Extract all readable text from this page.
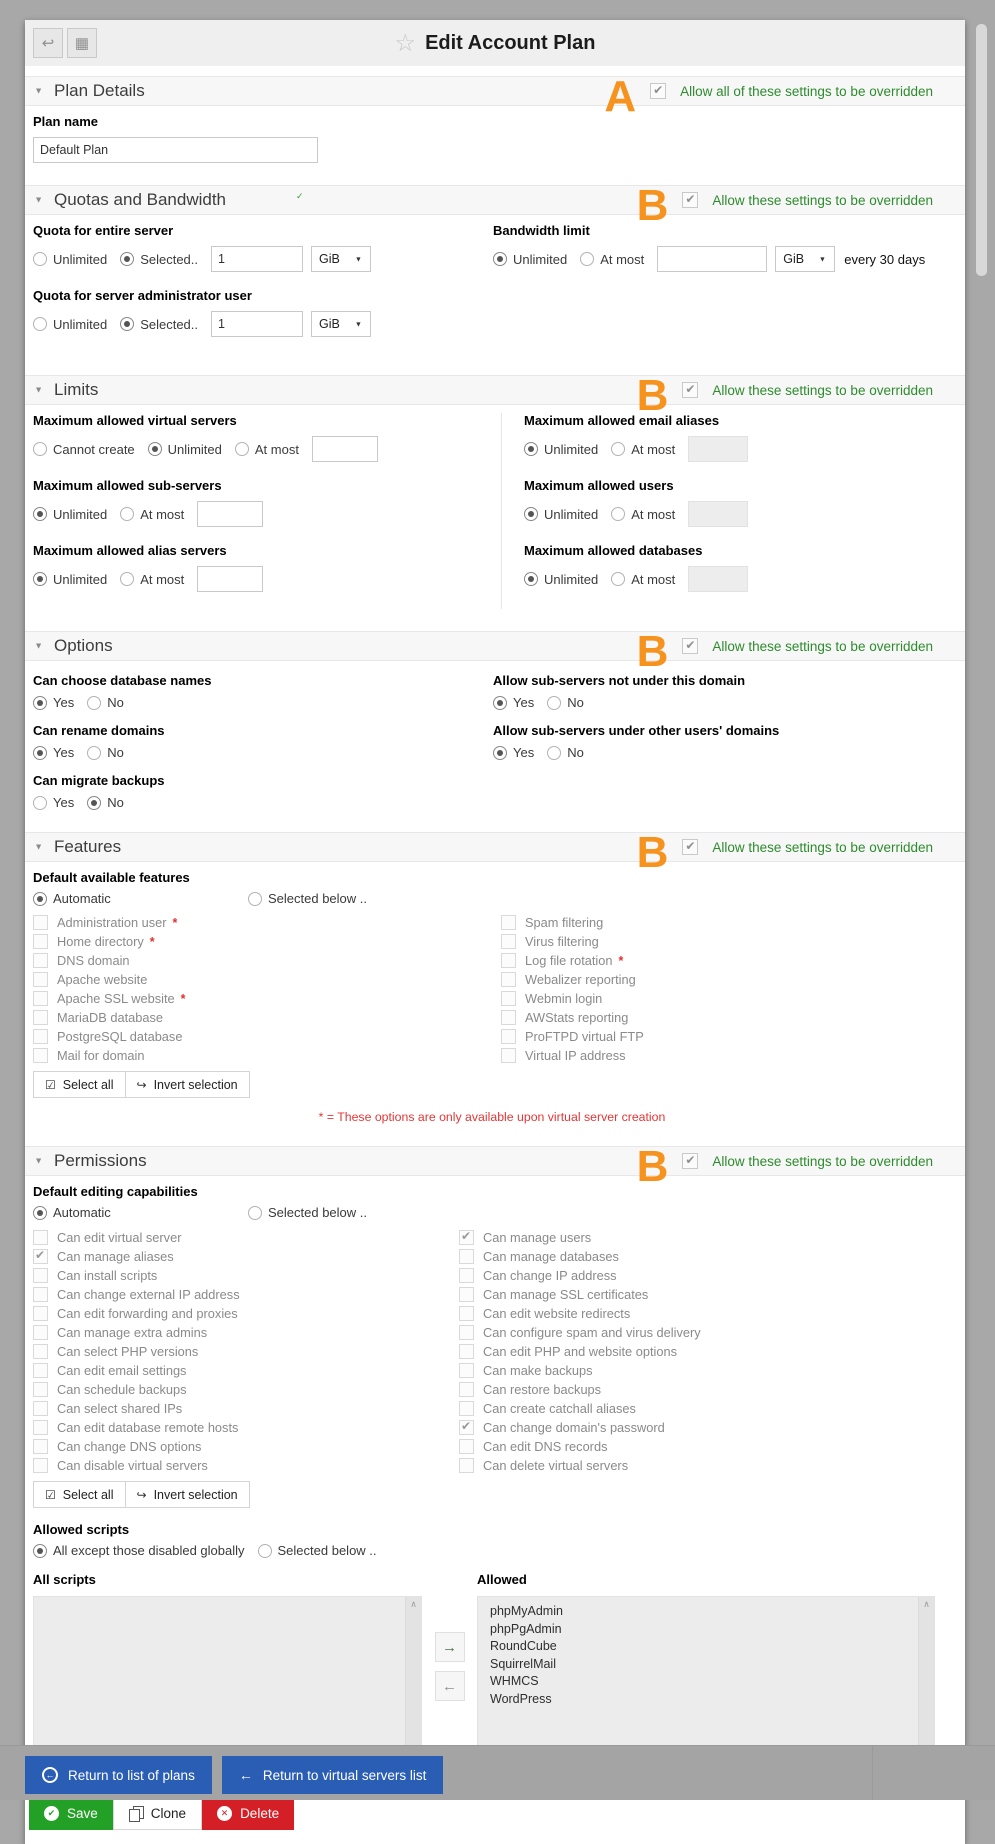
↩ ▦	☆ Edit Account Plan
▼ Plan Details	A ✔	Allow all of these settings to be overridden
Plan name
Default Plan
▼ Quotas and Bandwidth	✓	B ✔	Allow these settings to be overridden
Quota for entire server
Unlimited	Selected..
1	GiB ▼
Quota for server administrator user
Unlimited	Selected..
1	GiB ▼
Bandwidth limit
Unlimited	At most	GiB ▼ every 30 days
▼ Limits	B ✔	Allow these settings to be overridden
Maximum allowed virtual servers
Cannot create	Unlimited	At most
Maximum allowed sub-servers
Unlimited	At most
Maximum allowed alias servers
Unlimited	At most
Maximum allowed email aliases
Unlimited	At most
Maximum allowed users
Unlimited	At most
Maximum allowed databases
Unlimited	At most
▼ Options	B ✔	Allow these settings to be overridden
Can choose database names
Yes	No
Can rename domains
Yes	No
Can migrate backups
Yes	No
Allow sub-servers not under this domain
Yes	No
Allow sub-servers under other users' domains
Yes	No
▼ Features	B ✔	Allow these settings to be overridden
Default available features
Automatic	Selected below ..
Administration user *
Home directory *
DNS domain
Apache website
Apache SSL website *
MariaDB database
PostgreSQL database
Mail for domain
Spam filtering
Virus filtering
Log file rotation *
Webalizer reporting
Webmin login
AWStats reporting
ProFTPD virtual FTP
Virtual IP address
☑ Select all ↪ Invert selection
* = These options are only available upon virtual server creation
▼ Permissions	B ✔	Allow these settings to be overridden
Default editing capabilities
Automatic	Selected below ..
Can edit virtual server
✔
Can manage aliases
Can install scripts
Can change external IP address
Can edit forwarding and proxies
Can manage extra admins
Can select PHP versions
Can edit email settings
Can schedule backups
Can select shared IPs
Can edit database remote hosts
Can change DNS options
Can disable virtual servers
✔
Can manage users
Can manage databases
Can change IP address
Can manage SSL certificates
Can edit website redirects
Can configure spam and virus delivery
Can edit PHP and website options
Can make backups
Can restore backups
Can create catchall aliases
✔
Can change domain's password
Can edit DNS records
Can delete virtual servers
☑ Select all ↪ Invert selection
Allowed scripts
All except those disabled globally	Selected below ..
All scripts	Allowed
∧
→
←
phpMyAdmin
phpPgAdmin
RoundCube
SquirrelMail
WHMCS
WordPress
∧
✔ Save	Clone	✕ Delete
← Return to list of plans	← Return to virtual servers list
